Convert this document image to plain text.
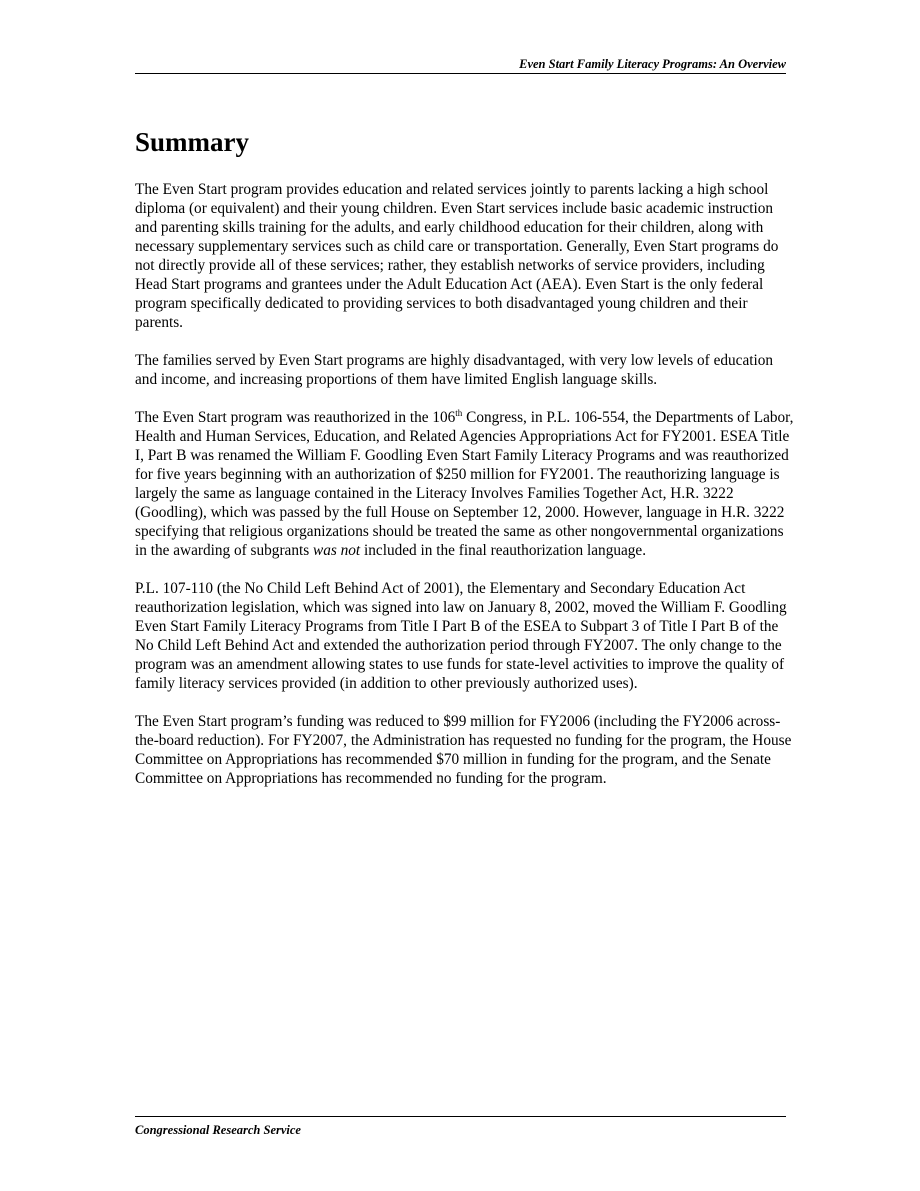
Even Start Family Literacy Programs: An Overview
Summary

The Even Start program provides education and related services jointly to parents lacking a high school diploma (or equivalent) and their young children. Even Start services include basic academic instruction and parenting skills training for the adults, and early childhood education for their children, along with necessary supplementary services such as child care or transportation. Generally, Even Start programs do not directly provide all of these services; rather, they establish networks of service providers, including Head Start programs and grantees under the Adult Education Act (AEA). Even Start is the only federal program specifically dedicated to providing services to both disadvantaged young children and their parents.

The families served by Even Start programs are highly disadvantaged, with very low levels of education and income, and increasing proportions of them have limited English language skills.

The Even Start program was reauthorized in the 106th Congress, in P.L. 106-554, the Departments of Labor, Health and Human Services, Education, and Related Agencies Appropriations Act for FY2001. ESEA Title I, Part B was renamed the William F. Goodling Even Start Family Literacy Programs and was reauthorized for five years beginning with an authorization of $250 million for FY2001. The reauthorizing language is largely the same as language contained in the Literacy Involves Families Together Act, H.R. 3222 (Goodling), which was passed by the full House on September 12, 2000. However, language in H.R. 3222 specifying that religious organizations should be treated the same as other nongovernmental organizations in the awarding of subgrants was not included in the final reauthorization language.

P.L. 107-110 (the No Child Left Behind Act of 2001), the Elementary and Secondary Education Act reauthorization legislation, which was signed into law on January 8, 2002, moved the William F. Goodling Even Start Family Literacy Programs from Title I Part B of the ESEA to Subpart 3 of Title I Part B of the No Child Left Behind Act and extended the authorization period through FY2007. The only change to the program was an amendment allowing states to use funds for state-level activities to improve the quality of family literacy services provided (in addition to other previously authorized uses).

The Even Start program’s funding was reduced to $99 million for FY2006 (including the FY2006 across-the-board reduction). For FY2007, the Administration has requested no funding for the program, the House Committee on Appropriations has recommended $70 million in funding for the program, and the Senate Committee on Appropriations has recommended no funding for the program.

Congressional Research Service
